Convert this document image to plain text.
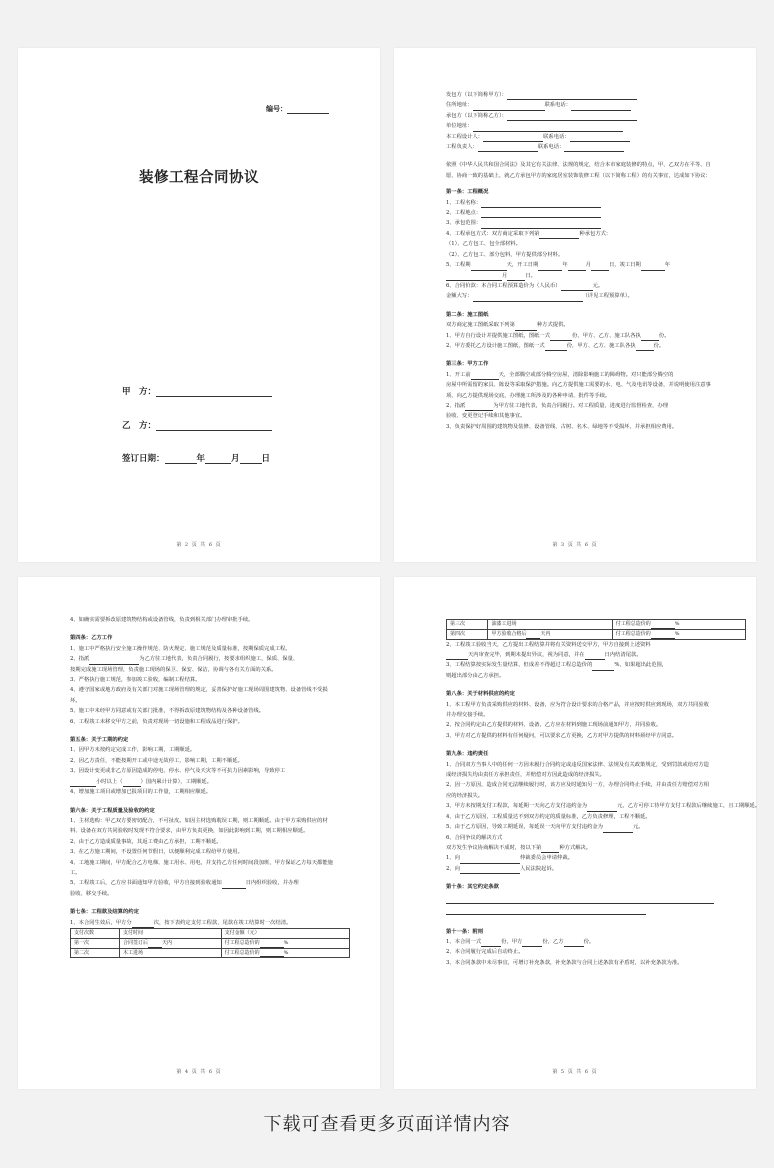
编号：
装修工程合同协议
甲　方：
乙　方：
签订日期：	年	月	日
第 2 页 共 6 页
发包方（以下简称甲方）：
住所地址：	联系电话：
承包方（以下简称乙方）：
单位地址：
本工程设计人：	联系电话：
工程负责人：	联系电话：
依照《中华人民共和国合同法》及其它有关法律、法规的规定，结合本市家庭装修的特点，甲、乙双方在平等、自愿、协商一致的基础上，就乙方承包甲方的家庭居室装饰装修工程（以下简称工程）的有关事宜，达成如下协议：
第一条：工程概况
1、工程名称：
2、工程地点：
3、承包范围：
4、工程承包方式：双方商定采取下列第	种承包方式：
（1）、乙方包工、包全部材料。
（2）、乙方包工、部分包料，甲方提供部分材料。
5、工程期	天，开工日期	年	月	日，竣工日期	年
月	日。
6、合同价款：本合同工程预算造价为（人民币）	元。
金额大写：	（详见工程预算单）。
第二条：施工图纸
双方商定施工图纸采取下列第	种方式提供。
1、甲方自行设计并提供施工图纸，图纸一式	份，甲方、乙方、施工队各执	份。
2、甲方委托乙方设计施工图纸，图纸一式	份，甲方、乙方、施工队各执	份。
第三条：甲方工作
1、开工前	天，全部腾空或部分腾空房屋，清除影响施工的障碍物。对只能部分腾空的
房屋中所需留的家具、陈设等采取保护措施。向乙方提供施工需要的水、电、气及电讯等设备，并说明使用注意事项，向乙方提供现场交底，办理施工所涉及的各种申请、批件等手续。
2、指派	为甲方驻工地代表，负责合同履行。对工程质量、进度进行监督检查，办理
验收、变更登记手续和其他事宜。
3、负责保护好周围的建筑物及装修、设备管线、古树、名木、绿地等不受损坏，并承担相应费用。
第 3 页 共 6 页
4、如确实需要拆改原建筑物结构或设备管线，负责到相关部门办理审批手续。
第四条：乙方工作
1、施工中严格执行安全施工操作规范、防火规定、施工规范及质量标准，按期保质完成工程。
2、指派	为乙方驻工地代表，负责合同履行，按要求组织施工，保质、保量、
按期完成施工现场管理，负责施工现场的保卫、保安、保洁，协调与各有关方面的关系。
3、严格执行施工规范，参加竣工验收，编制工程结算。
4、遵守国家或地方政府及有关部门对施工现场管理的规定，妥善保护好施工现场周围建筑物、设备管线不受损坏。
5、施工中未经甲方同意或有关部门批准，不得拆改原建筑物结构及各种设备管线。
6、工程竣工未移交甲方之前，负责对现场一切设施和工程成品进行保护。
第五条：关于工期的约定
1、因甲方未按约定完成工作，影响工期，工期顺延。
2、因乙方责任，不能按期开工或中途无故停工，影响工期，工期不顺延。
3、因设计变更或非乙方原因造成的停电、停水、停气及天灾等不可抗力因素影响，导致停工
小时以上（	）国内累计计算），工期顺延。
4、增加施工项目或增加已报项目的工作量，工期相应顺延。
第六条：关于工程质量及验收的约定
1、主材选购：甲乙双方要密切配合，不可扯皮。如因主材选购耽误工期，则工期顺延。由于甲方采购供应的材料、设备在双方共同验收时发现不符合要求，由甲方负责更换，如因此影响到工期，则工期相应顺延。
2、由于乙方造成质量事故，其返工费由乙方承担，工期不顺延。
3、在乙方施工期间，不设置任何节假日，以便顺利完成工程给甲方使用。
4、工地施工期间，甲方配合乙方电梯、施工用水、用电，并支持乙方任何时间段加班，甲方保证乙方每天都能施工。
5、工程竣工后，乙方应书面通知甲方验收，甲方自接到验收通知	日内组织验收，并办理
验收、移交手续。
第七条：工程款及结算的约定
1、本合同生效后，甲方分	次，按下表约定支付工程款，尾款在竣工结算时一次结清。
支付次数	支付时间	支付金额（元）
第一次	合同签订后 天内	付工程总造价的 %
第二次	木工进场	付工程总造价的 %
第 4 页 共 6 页
第三次	油漆工进场	付工程总造价的 %
第四次	甲方验收合格后 天内	付工程总造价的 %
2、工程竣工验收当天，乙方提出工程结算并将有关资料送交甲方，甲方自接到上述资料
天内审查完毕，到期未提出异议，视为同意，并在	日内结清尾款。
3、工程结算按实际发生量结算，但成差不得超过工程总造价的	%，如果超出此范围，
则超出部分由乙方承担。
第八条：关于材料供应的约定
1、本工程甲方负责采购供应的材料、设备，应为符合设计要求的合格产品，并应按时供应到现场，双方共同验收并办理交接手续。
2、按合同约定由乙方提供的材料、设备，乙方应在材料到施工现场前通知甲方，并同验收。
3、甲方对乙方提供的材料有任何疑问，可以要求乙方更换，乙方对甲方提供的材料须经甲方同意。
第九条：违约责任
1、合同双方当事人中的任何一方因未履行合同约定或违反国家法律、法规及有关政策规定，受到罚款或给对方造成经济损失均由责任方承担责任，并赔偿对方因此造成的经济损失。
2、因一方原因，造成合同无法继续履行时，该方应及时通知另一方，办理合同终止手续，并由责任方赔偿对方相应的经济损失。
3、甲方未按期支付工程款，每延期一天向乙方支付违约金为	元，乙方可停工待甲方支付工程款后继续施工，且工期顺延。
4、由于乙方原因，工程质量达不到双方约定的质量标准，乙方负责修理，工程不顺延。
5、由于乙方原因，导致工期延误，每延误一天向甲方支付违约金为	元。
6、合同争议的解决方式
双方发生争议协商解决不成时，按以下第	种方式解决。
1、向	仲裁委员会申请仲裁。
2、向	人民法院起诉。
第十条：其它约定条款
第十一条：附则
1、本合同一式	份，甲方	份，乙方	份。
2、本合同履行完成后自动终止。
3、本合同条款中未尽事宜，可增订补充条款，补充条款与合同上述条款有矛盾时，以补充条款为准。
第 5 页 共 6 页
下载可查看更多页面详情内容
